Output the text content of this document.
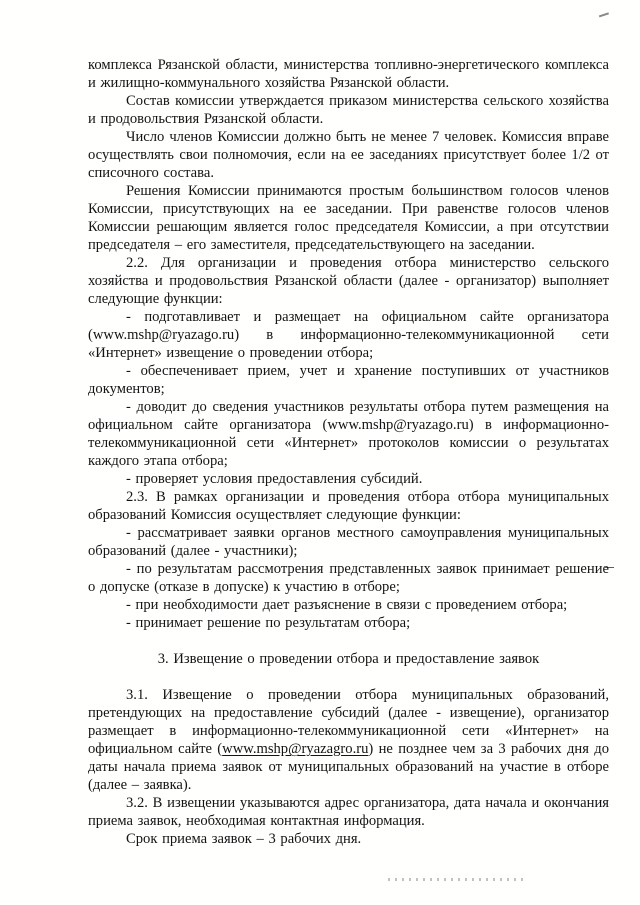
комплекса Рязанской области, министерства топливно-энергетического комплекса и жилищно-коммунального хозяйства Рязанской области.

Состав комиссии утверждается приказом министерства сельского хозяйства и продовольствия Рязанской области.

Число членов Комиссии должно быть не менее 7 человек. Комиссия вправе осуществлять свои полномочия, если на ее заседаниях присутствует более 1/2 от списочного состава.

Решения Комиссии принимаются простым большинством голосов членов Комиссии, присутствующих на ее заседании. При равенстве голосов членов Комиссии решающим является голос председателя Комиссии, а при отсутствии председателя – его заместителя, председательствующего на заседании.

2.2. Для организации и проведения отбора министерство сельского хозяйства и продовольствия Рязанской области (далее - организатор) выполняет следующие функции:

- подготавливает и размещает на официальном сайте организатора (www.mshp@ryazago.ru) в информационно-телекоммуникационной сети «Интернет» извещение о проведении отбора;

- обеспеченивает прием, учет и хранение поступивших от участников документов;

- доводит до сведения участников результаты отбора путем размещения на официальном сайте организатора (www.mshp@ryazago.ru) в информационно-телекоммуникационной сети «Интернет» протоколов комиссии о результатах каждого этапа отбора;

- проверяет условия предоставления субсидий.

2.3. В рамках организации и проведения отбора отбора муниципальных образований Комиссия осуществляет следующие функции:

- рассматривает заявки органов местного самоуправления муниципальных образований (далее - участники);

- по результатам рассмотрения представленных заявок принимает решение о допуске (отказе в допуске) к участию в отборе;

- при необходимости дает разъяснение в связи с проведением отбора;

- принимает решение по результатам отбора;

3. Извещение о проведении отбора и предоставление заявок

3.1. Извещение о проведении отбора муниципальных образований, претендующих на предоставление субсидий (далее - извещение), организатор размещает в информационно-телекоммуникационной сети «Интернет» на официальном сайте (www.mshp@ryazagro.ru) не позднее чем за 3 рабочих дня до даты начала приема заявок от муниципальных образований на участие в отборе (далее – заявка).

3.2. В извещении указываются адрес организатора, дата начала и окончания приема заявок, необходимая контактная информация.

Срок приема заявок – 3 рабочих дня.
